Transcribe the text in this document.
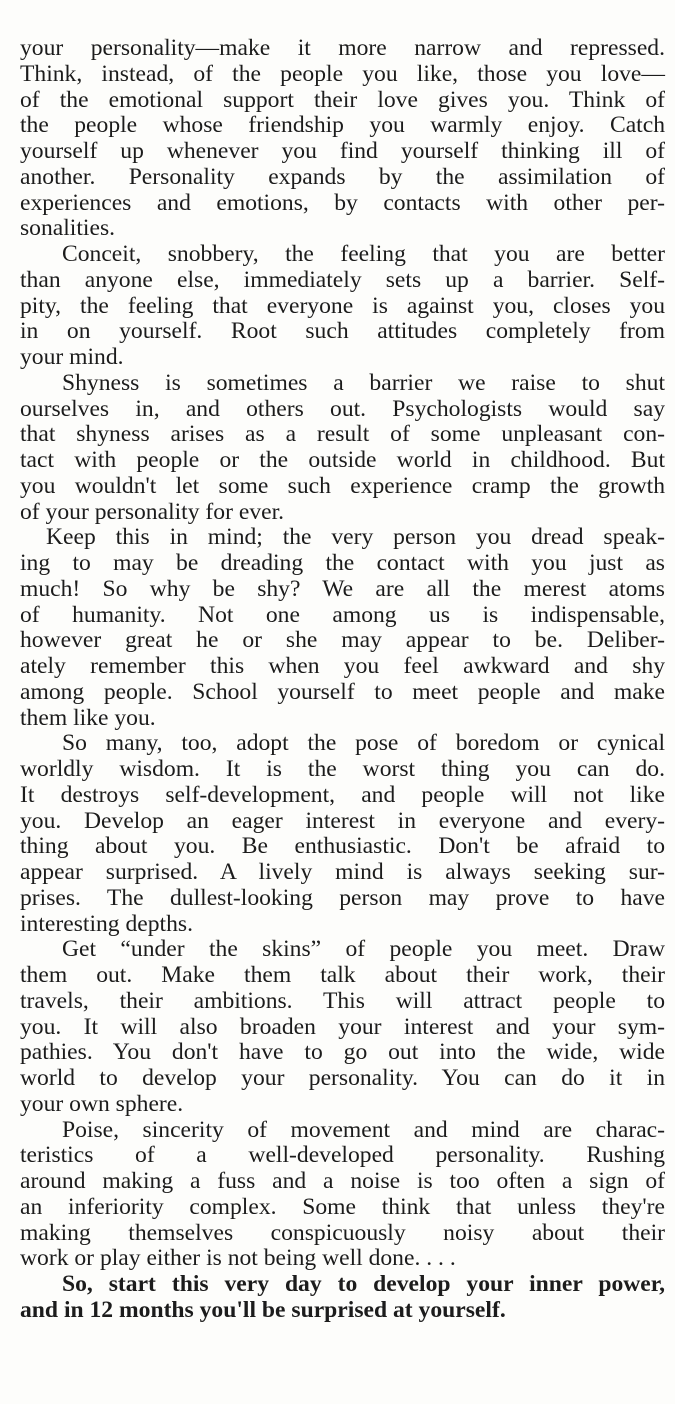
your personality—make it more narrow and repressed.
Think, instead, of the people you like, those you love—
of the emotional support their love gives you. Think of
the people whose friendship you warmly enjoy. Catch
yourself up whenever you find yourself thinking ill of
another. Personality expands by the assimilation of
experiences and emotions, by contacts with other per-
sonalities.
Conceit, snobbery, the feeling that you are better
than anyone else, immediately sets up a barrier. Self-
pity, the feeling that everyone is against you, closes you
in on yourself. Root such attitudes completely from
your mind.
Shyness is sometimes a barrier we raise to shut
ourselves in, and others out. Psychologists would say
that shyness arises as a result of some unpleasant con-
tact with people or the outside world in childhood. But
you wouldn't let some such experience cramp the growth
of your personality for ever.
Keep this in mind; the very person you dread speak-
ing to may be dreading the contact with you just as
much! So why be shy? We are all the merest atoms
of humanity. Not one among us is indispensable,
however great he or she may appear to be. Deliber-
ately remember this when you feel awkward and shy
among people. School yourself to meet people and make
them like you.
So many, too, adopt the pose of boredom or cynical
worldly wisdom. It is the worst thing you can do.
It destroys self-development, and people will not like
you. Develop an eager interest in everyone and every-
thing about you. Be enthusiastic. Don't be afraid to
appear surprised. A lively mind is always seeking sur-
prises. The dullest-looking person may prove to have
interesting depths.
Get “under the skins” of people you meet. Draw
them out. Make them talk about their work, their
travels, their ambitions. This will attract people to
you. It will also broaden your interest and your sym-
pathies. You don't have to go out into the wide, wide
world to develop your personality. You can do it in
your own sphere.
Poise, sincerity of movement and mind are charac-
teristics of a well-developed personality. Rushing
around making a fuss and a noise is too often a sign of
an inferiority complex. Some think that unless they're
making themselves conspicuously noisy about their
work or play either is not being well done. . . .
So, start this very day to develop your inner power,
and in 12 months you'll be surprised at yourself.
